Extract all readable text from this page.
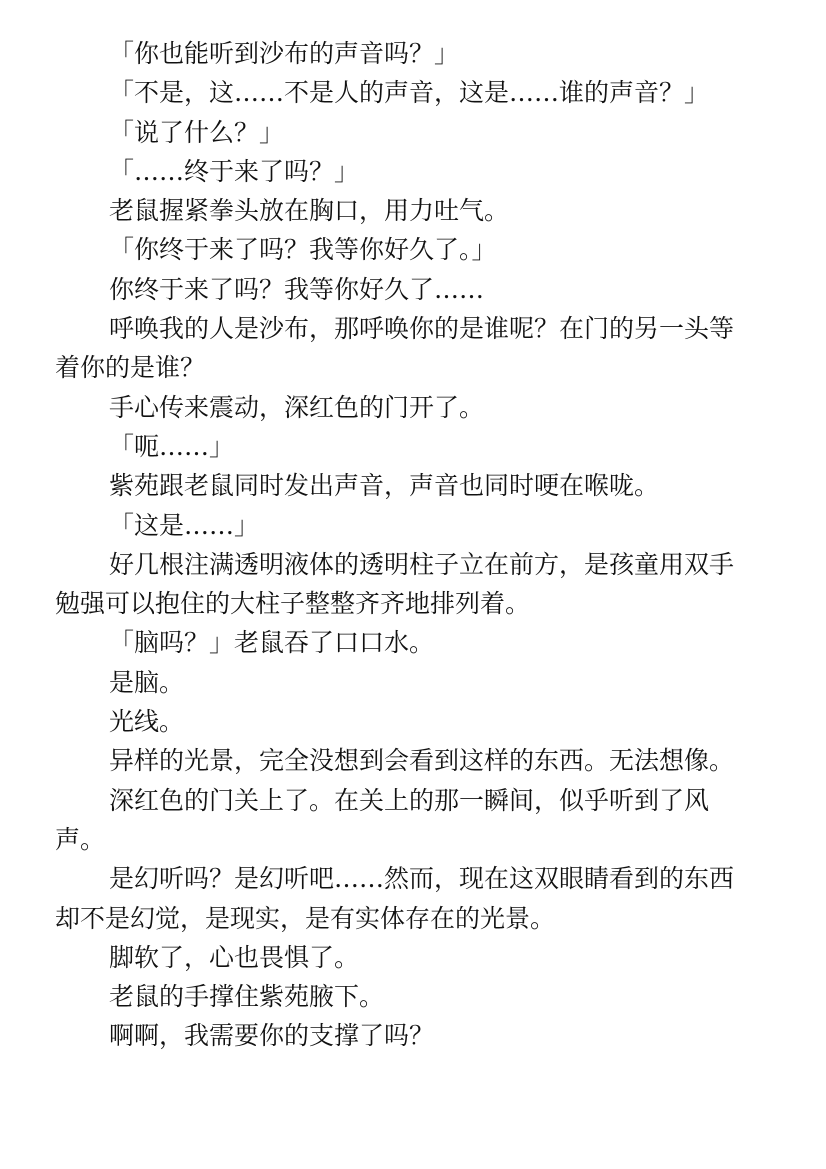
「你也能听到沙布的声音吗？」

「不是，这……不是人的声音，这是……谁的声音？」

「说了什么？」

「……终于来了吗？」

老鼠握紧拳头放在胸口，用力吐气。

「你终于来了吗？我等你好久了。」

你终于来了吗？我等你好久了……

呼唤我的人是沙布，那呼唤你的是谁呢？在门的另一头等着你的是谁？

手心传来震动，深红色的门开了。

「呃……」

紫苑跟老鼠同时发出声音，声音也同时哽在喉咙。

「这是……」

好几根注满透明液体的透明柱子立在前方，是孩童用双手勉强可以抱住的大柱子整整齐齐地排列着。

「脑吗？」老鼠吞了口口水。

是脑。

光线。

异样的光景，完全没想到会看到这样的东西。无法想像。

深红色的门关上了。在关上的那一瞬间，似乎听到了风声。

是幻听吗？是幻听吧……然而，现在这双眼睛看到的东西却不是幻觉，是现实，是有实体存在的光景。

脚软了，心也畏惧了。

老鼠的手撑住紫苑腋下。

啊啊，我需要你的支撑了吗？
